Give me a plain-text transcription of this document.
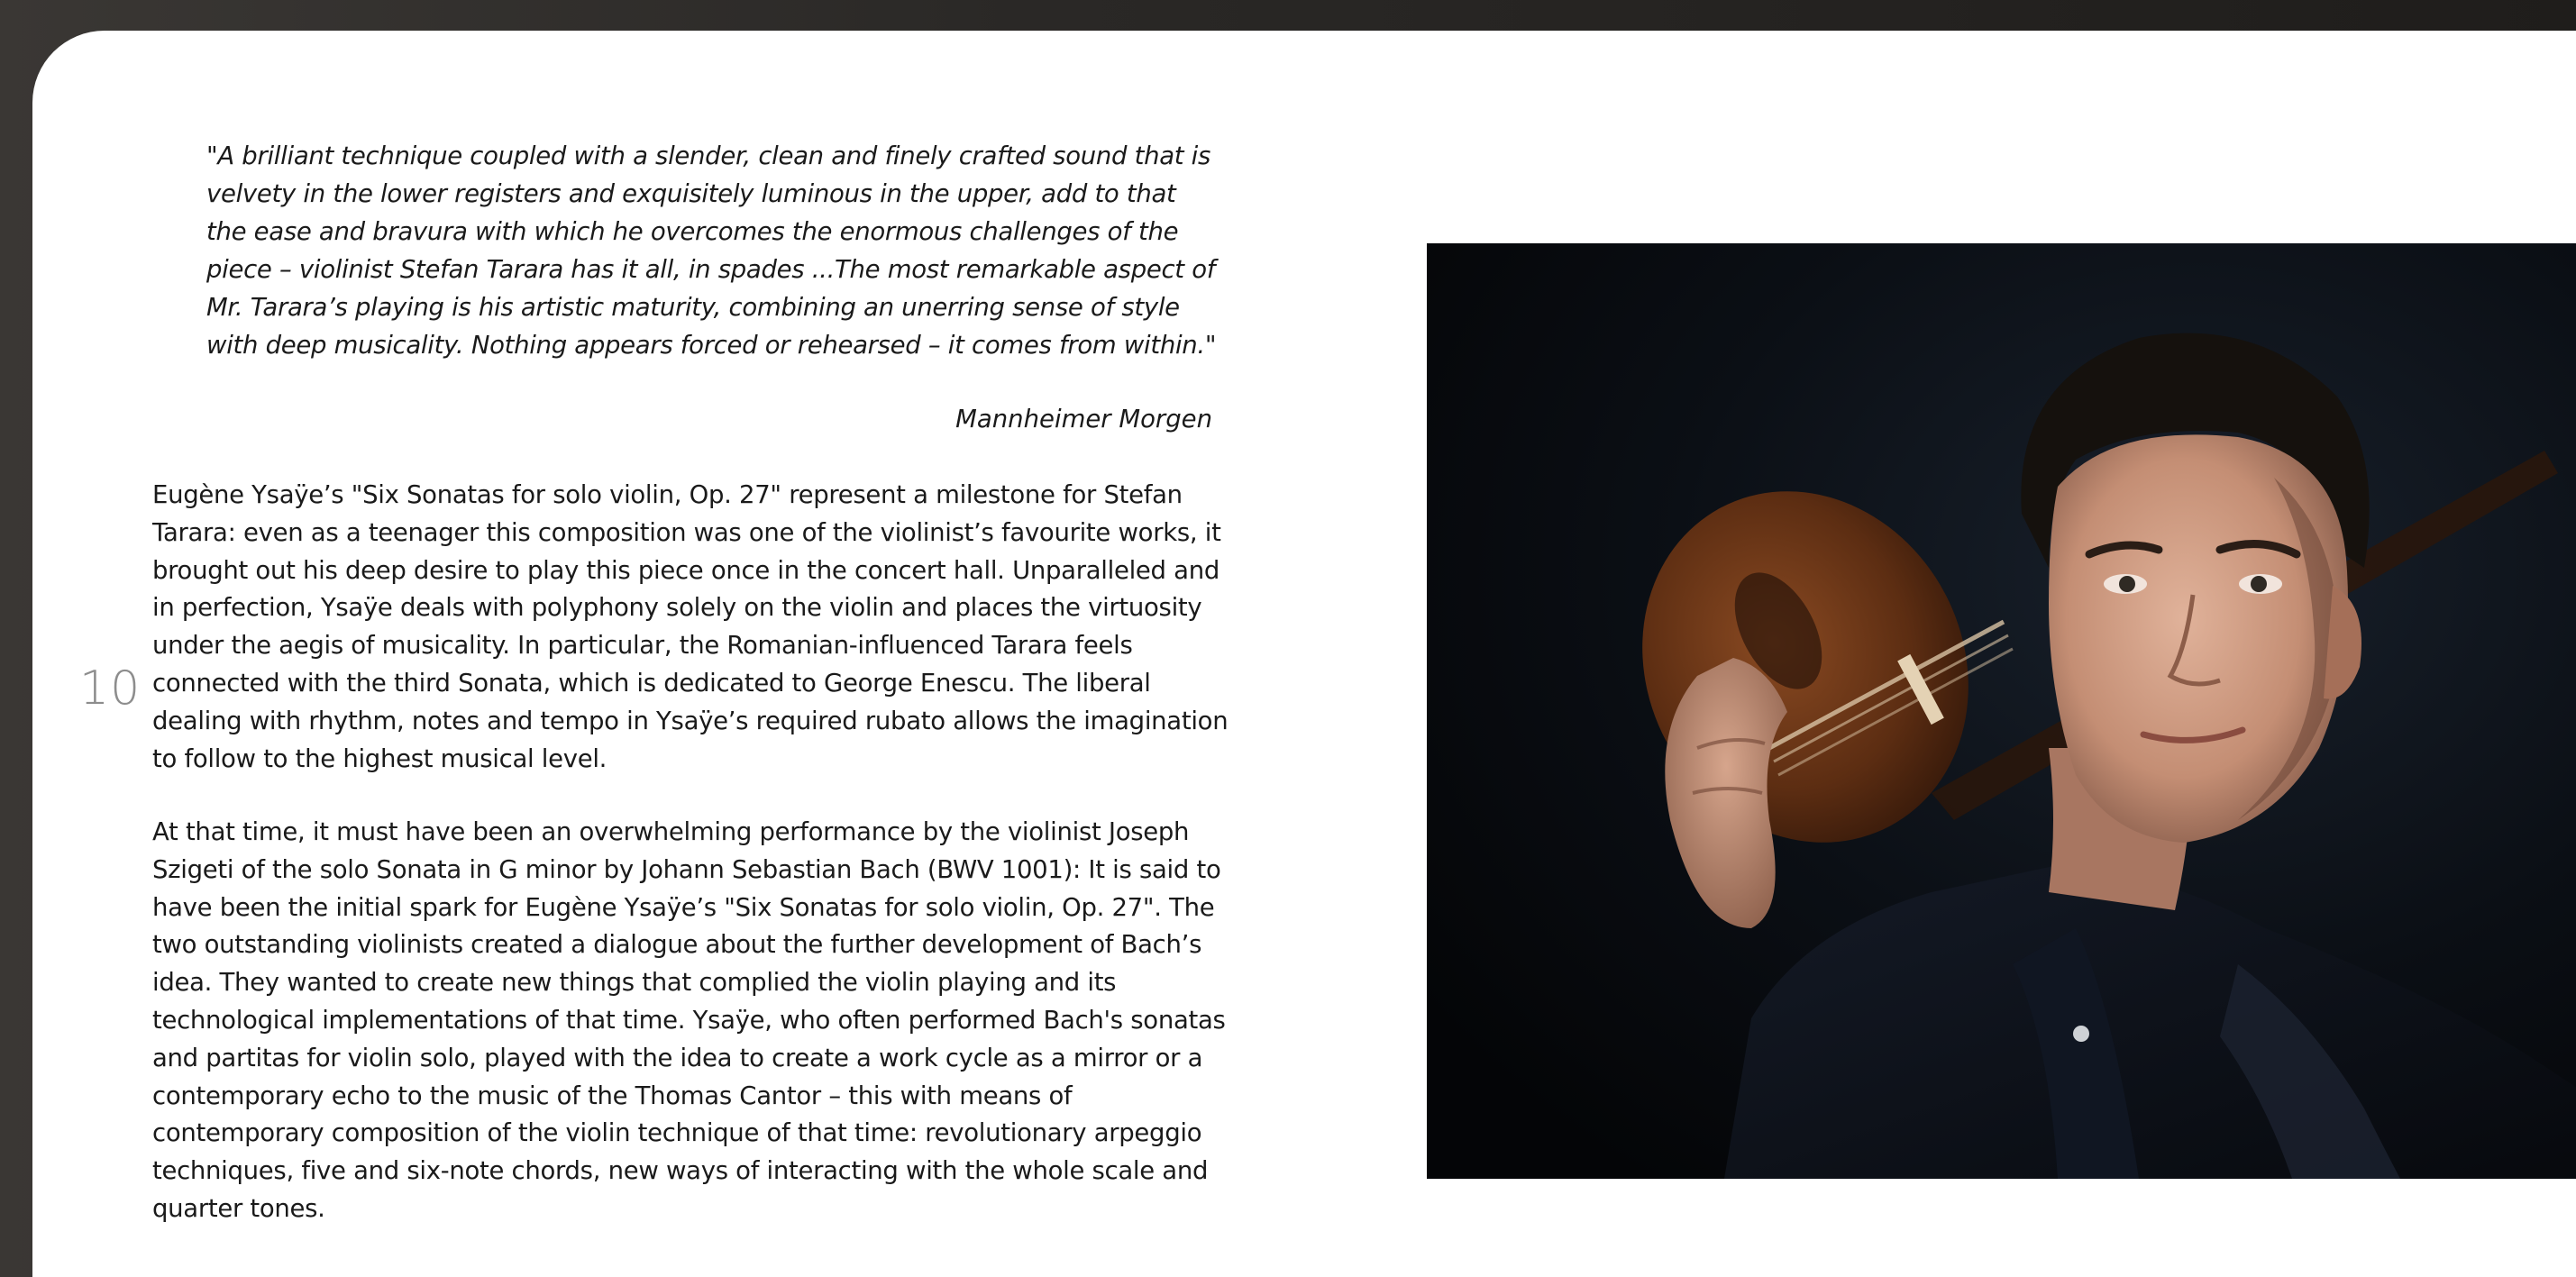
10
"A brilliant technique coupled with a slender, clean and finely crafted sound that is velvety in the lower registers and exquisitely luminous in the upper, add to that the ease and bravura with which he overcomes the enormous challenges of the piece – violinist Stefan Tarara has it all, in spades ...The most remarkable aspect of Mr. Tarara’s playing is his artistic maturity, combining an unerring sense of style with deep musicality. Nothing appears forced or rehearsed – it comes from within."
Mannheimer Morgen
Eugène Ysaÿe’s "Six Sonatas for solo violin, Op. 27" represent a milestone for Stefan Tarara: even as a teenager this composition was one of the violinist’s favourite works, it brought out his deep desire to play this piece once in the concert hall. Unparalleled and in perfection, Ysaÿe deals with polyphony solely on the violin and places the virtuosity under the aegis of musicality. In particular, the Romanian-influenced Tarara feels connected with the third Sonata, which is dedicated to George Enescu. The liberal dealing with rhythm, notes and tempo in Ysaÿe’s required rubato allows the imagination to follow to the highest musical level.
At that time, it must have been an overwhelming performance by the violinist Joseph Szigeti of the solo Sonata in G minor by Johann Sebastian Bach (BWV 1001): It is said to have been the initial spark for Eugène Ysaÿe’s "Six Sonatas for solo violin, Op. 27". The two outstanding violinists created a dialogue about the further development of Bach’s idea. They wanted to create new things that complied the violin playing and its technological implementations of that time. Ysaÿe, who often performed Bach's sonatas and partitas for violin solo, played with the idea to create a work cycle as a mirror or a contemporary echo to the music of the Thomas Cantor – this with means of contemporary composition of the violin technique of that time: revolutionary arpeggio techniques, five and six-note chords, new ways of interacting with the whole scale and quarter tones.
